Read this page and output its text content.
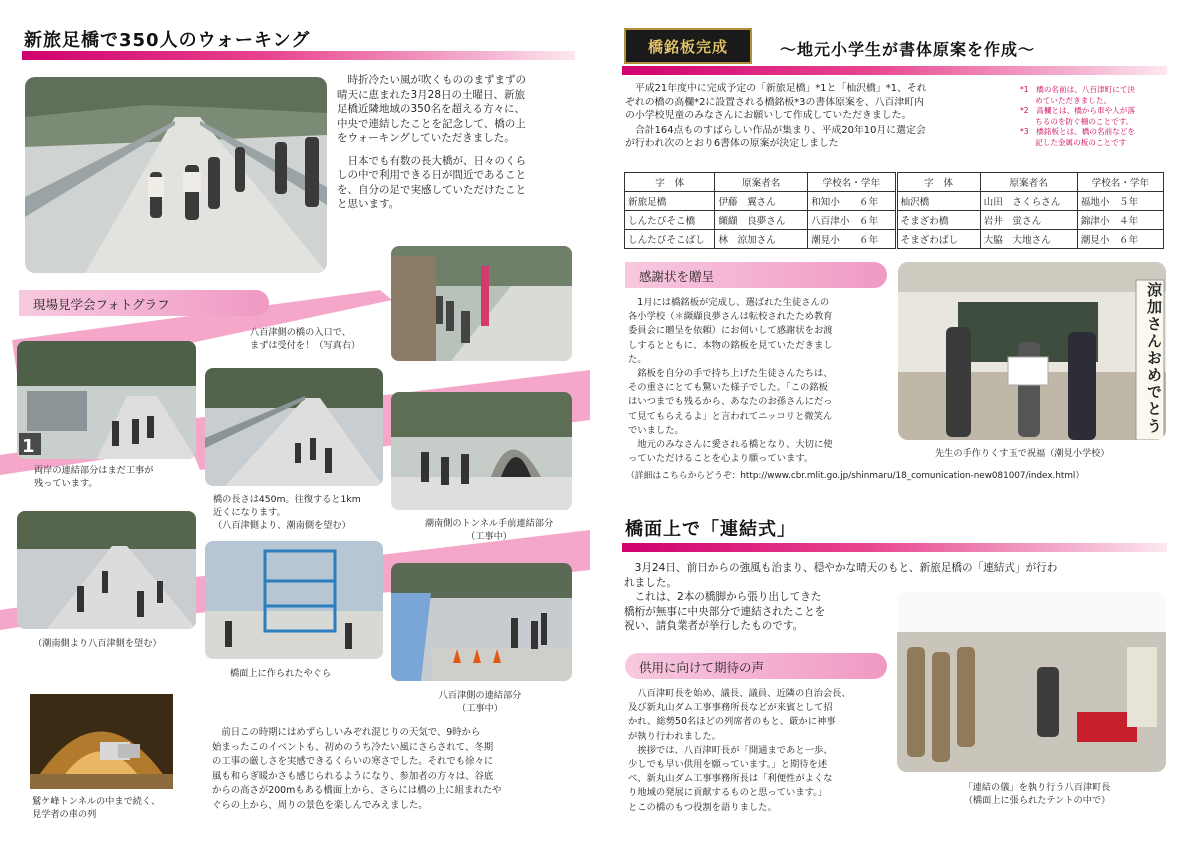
新旅足橋で350人のウォーキング
時折冷たい風が吹くもののまずまずの
晴天に恵まれた3月28日の土曜日、新旅
足橋近隣地域の350名を超える方々に、
中央で連結したことを記念して、橋の上
をウォーキングしていただきました。
日本でも有数の長大橋が、日々のくら
しの中で利用できる日が間近であること
を、自分の足で実感していただけたこと
と思います。
現場見学会フォトグラフ
八百津側の橋の入口で、
まずは受付を！（写真右）
1
両岸の連結部分はまだ工事が
残っています。
橋の長さは450m。往復すると1km
近くになります。
（八百津側より、潮南側を望む）	潮南側のトンネル手前連結部分
（工事中）
（潮南側より八百津側を望む）
橋面上に作られたやぐら
八百津側の連結部分
（工事中）
鷲ケ峰トンネルの中まで続く、
見学者の車の列
前日この時期にはめずらしいみぞれ混じりの天気で、9時から
始まったこのイベントも、初めのうち冷たい風にさらされて、冬期
の工事の厳しさを実感できるくらいの寒さでした。それでも徐々に
風も和らぎ暖かさも感じられるようになり、参加者の方々は、谷底
からの高さが200mもある橋面上から、さらには橋の上に組まれたや
ぐらの上から、周りの景色を楽しんでみえました。
橋銘板完成	～地元小学生が書体原案を作成～
平成21年度中に完成予定の「新旅足橋」*1と「杣沢橋」*1、それ
ぞれの橋の高欄*2に設置される橋銘板*3の書体原案を、八百津町内
の小学校児童のみなさんにお願いして作成していただきました。
合計164点ものすばらしい作品が集まり、平成20年10月に選定会
が行われ次のとおり6書体の原案が決定しました
*1　橋の名前は、八百津町にて決
　　めていただきました。
*2　高欄とは、橋から車や人が落
　　ちるのを防ぐ柵のことです。
*3　橋銘板とは、橋の名前などを
　　記した金属の板のことです
字　体	原案者名	学校名・学年	字　体	原案者名	学校名・学年
新旅足橋	伊藤　翼さん	和知小　　６年	杣沢橋	山田　さくらさん	福地小　５年
しんたびそこ橋	纐纈　良夢さん	八百津小　６年	そまざわ橋	岩井　蛍さん	錦津小　４年
しんたびそこばし	林　涼加さん	潮見小　　６年	そまざわばし	大脇　大地さん	潮見小　６年
感謝状を贈呈
1月には橋銘板が完成し、選ばれた生徒さんの
各小学校（＊纐纈良夢さんは転校されたため教育
委員会に贈呈を依頼）にお伺いして感謝状をお渡
しするとともに、本物の銘板を見ていただきまし
た。
銘板を自分の手で持ち上げた生徒さんたちは、
その重さにとても驚いた様子でした。「この銘板
はいつまでも残るから、あなたのお孫さんにだっ
て見てもらえるよ」と言われてニッコリと微笑ん
でいました。
地元のみなさんに愛される橋となり、大切に使
っていただけることを心より願っています。
涼加さんおめでとう
先生の手作りくす玉で祝福（潮見小学校）
（詳細はこちらからどうぞ：http://www.cbr.mlit.go.jp/shinmaru/18_comunication-new081007/index.html）
橋面上で「連結式」
3月24日、前日からの強風も治まり、穏やかな晴天のもと、新旅足橋の「連結式」が行わ
れました。
これは、2本の橋脚から張り出してきた
橋桁が無事に中央部分で連結されたことを
祝い、請負業者が挙行したものです。
「連結の儀」を執り行う八百津町長
（橋面上に張られたテントの中で）
供用に向けて期待の声
八百津町長を始め、議長、議員、近隣の自治会長、
及び新丸山ダム工事事務所長などが来賓として招
かれ、総勢50名ほどの列席者のもと、厳かに神事
が執り行われました。
挨拶では、八百津町長が「開通まであと一歩、
少しでも早い供用を願っています。」と期待を述
べ、新丸山ダム工事事務所長は「利便性がよくな
り地域の発展に貢献するものと思っています。」
とこの橋のもつ役割を語りました。
